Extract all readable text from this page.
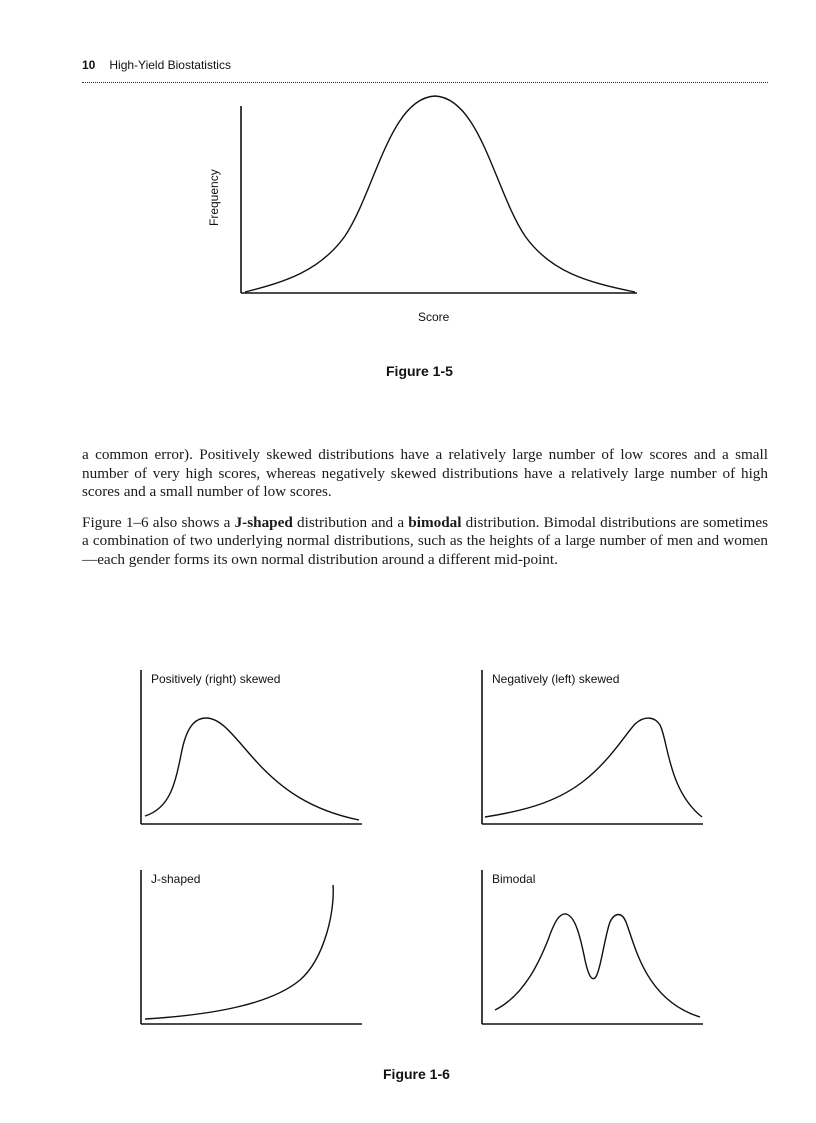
10 High-Yield Biostatistics
Frequency
Score
Figure 1-5

a common error). Positively skewed distributions have a relatively large number of low scores and a small number of very high scores, whereas negatively skewed distributions have a relatively large number of high scores and a small number of low scores.

Figure 1–6 also shows a J-shaped distribution and a bimodal distribution. Bimodal distributions are sometimes a combination of two underlying normal distributions, such as the heights of a large number of men and women—each gender forms its own normal distribution around a different mid-point.

Positively (right) skewed	Negatively (left) skewed
J-shaped	Bimodal
Figure 1-6
